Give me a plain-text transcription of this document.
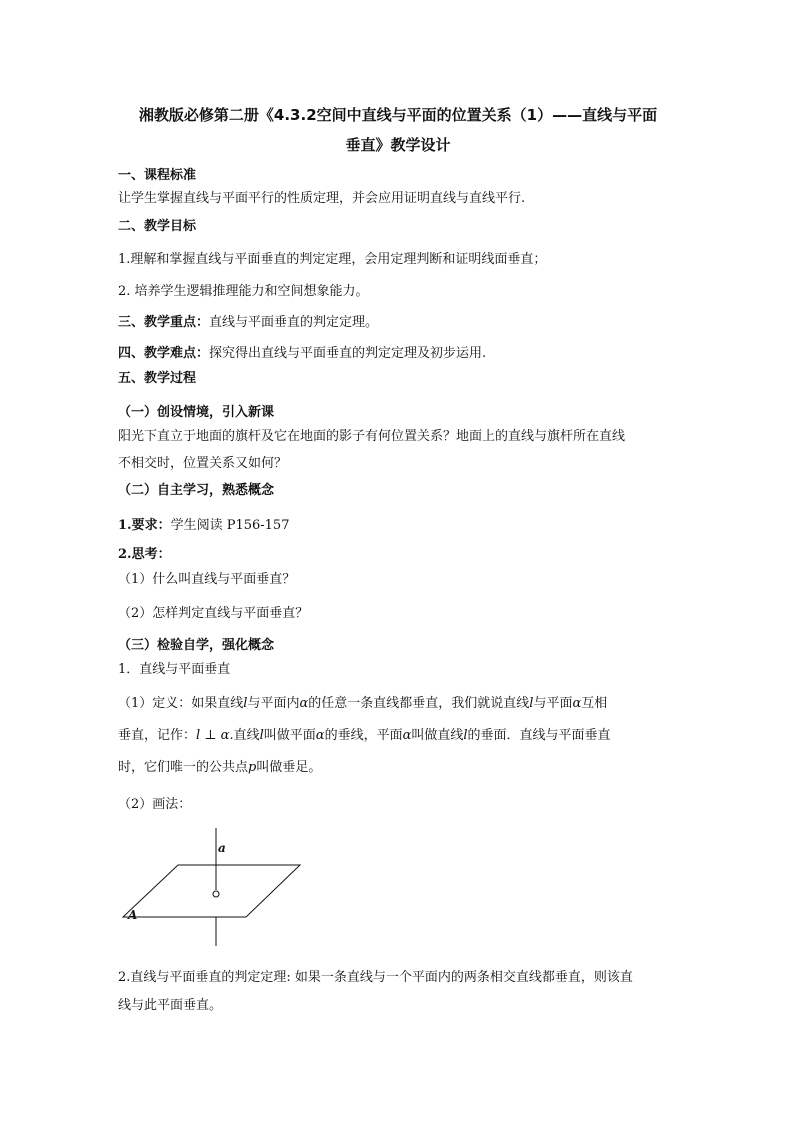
湘教版必修第二册《4.3.2空间中直线与平面的位置关系（1）——直线与平面
垂直》教学设计
一、课程标准
让学生掌握直线与平面平行的性质定理，并会应用证明直线与直线平行.
二、教学目标
1.理解和掌握直线与平面垂直的判定定理，会用定理判断和证明线面垂直；
2. 培养学生逻辑推理能力和空间想象能力。
三、教学重点：直线与平面垂直的判定定理。
四、教学难点：探究得出直线与平面垂直的判定定理及初步运用.
五、教学过程
（一）创设情境，引入新课
阳光下直立于地面的旗杆及它在地面的影子有何位置关系？地面上的直线与旗杆所在直线
不相交时，位置关系又如何？
（二）自主学习，熟悉概念
1.要求：学生阅读 P156-157
2.思考：
（1）什么叫直线与平面垂直？
（2）怎样判定直线与平面垂直？
（三）检验自学，强化概念
1．直线与平面垂直
（1）定义：如果直线l与平面内α的任意一条直线都垂直，我们就说直线l与平面α互相
垂直，记作：l ⊥ α.直线l叫做平面α的垂线，平面α叫做直线l的垂面．直线与平面垂直
时，它们唯一的公共点p叫做垂足。
（2）画法：
a
A
2.直线与平面垂直的判定定理: 如果一条直线与一个平面内的两条相交直线都垂直，则该直
线与此平面垂直。
